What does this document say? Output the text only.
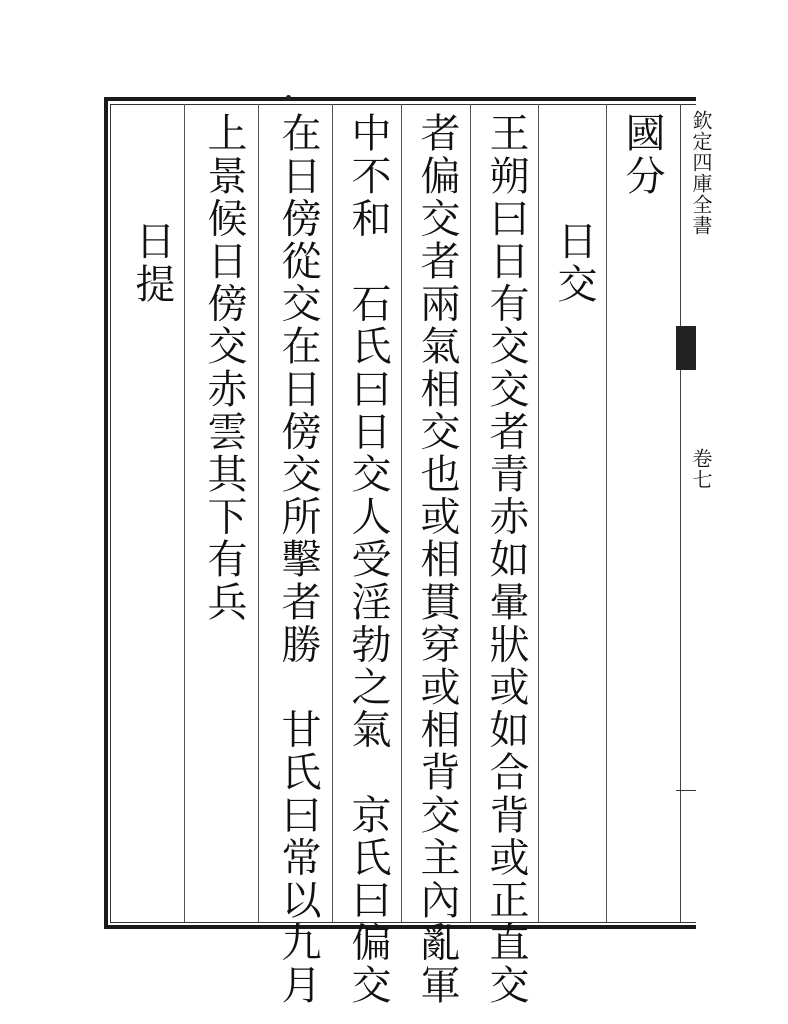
欽定四庫全書
卷七
國分
日交
王朔曰日有交交者青赤如暈狀或如合背或正直交
者偏交者兩氣相交也或相貫穿或相背交主內亂軍
中不和　石氏曰日交人受淫勃之氣　京氏曰偏交
在日傍從交在日傍交所擊者勝　甘氏曰常以九月
上景候日傍交赤雲其下有兵
日提
